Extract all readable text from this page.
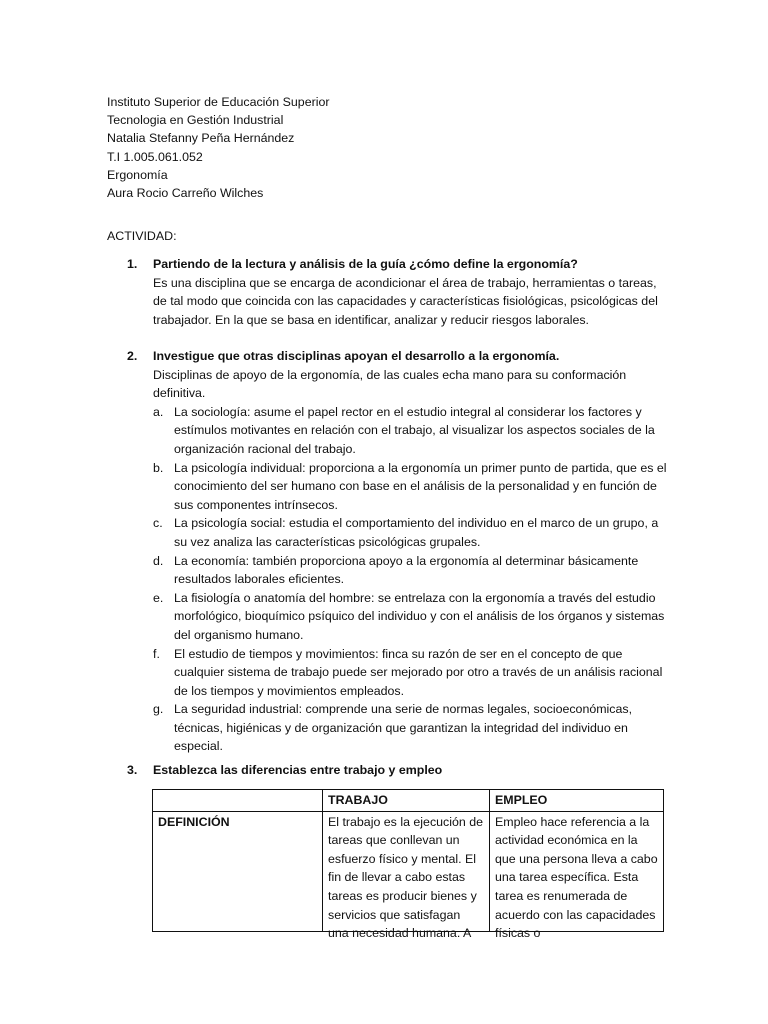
Instituto Superior de Educación Superior
Tecnologia en Gestión Industrial
Natalia Stefanny Peña Hernández
T.I 1.005.061.052
Ergonomía
Aura Rocio Carreño Wilches
ACTIVIDAD:
1.	Partiendo de la lectura y análisis de la guía ¿cómo define la ergonomía?
Es una disciplina que se encarga de acondicionar el área de trabajo, herramientas o tareas, de tal modo que coincida con las capacidades y características fisiológicas, psicológicas del trabajador. En la que se basa en identificar, analizar y reducir riesgos laborales.
2.	Investigue que otras disciplinas apoyan el desarrollo a la ergonomía.
Disciplinas de apoyo de la ergonomía, de las cuales echa mano para su conformación definitiva.
a. La sociología: asume el papel rector en el estudio integral al considerar los factores y estímulos motivantes en relación con el trabajo, al visualizar los aspectos sociales de la organización racional del trabajo.
b. La psicología individual: proporciona a la ergonomía un primer punto de partida, que es el conocimiento del ser humano con base en el análisis de la personalidad y en función de sus componentes intrínsecos.
c. La psicología social: estudia el comportamiento del individuo en el marco de un grupo, a su vez analiza las características psicológicas grupales.
d. La economía: también proporciona apoyo a la ergonomía al determinar básicamente resultados laborales eficientes.
e. La fisiología o anatomía del hombre: se entrelaza con la ergonomía a través del estudio morfológico, bioquímico psíquico del individuo y con el análisis de los órganos y sistemas del organismo humano.
f. El estudio de tiempos y movimientos: finca su razón de ser en el concepto de que cualquier sistema de trabajo puede ser mejorado por otro a través de un análisis racional de los tiempos y movimientos empleados.
g. La seguridad industrial: comprende una serie de normas legales, socioeconómicas, técnicas, higiénicas y de organización que garantizan la integridad del individuo en especial.
3.	Establezca las diferencias entre trabajo y empleo
	TRABAJO	EMPLEO
DEFINICIÓN	El trabajo es la ejecución de tareas que conllevan un esfuerzo físico y mental. El fin de llevar a cabo estas tareas es producir bienes y servicios que satisfagan una necesidad humana. A	Empleo hace referencia a la actividad económica en la que una persona lleva a cabo una tarea específica. Esta tarea es renumerada de acuerdo con las capacidades físicas o
